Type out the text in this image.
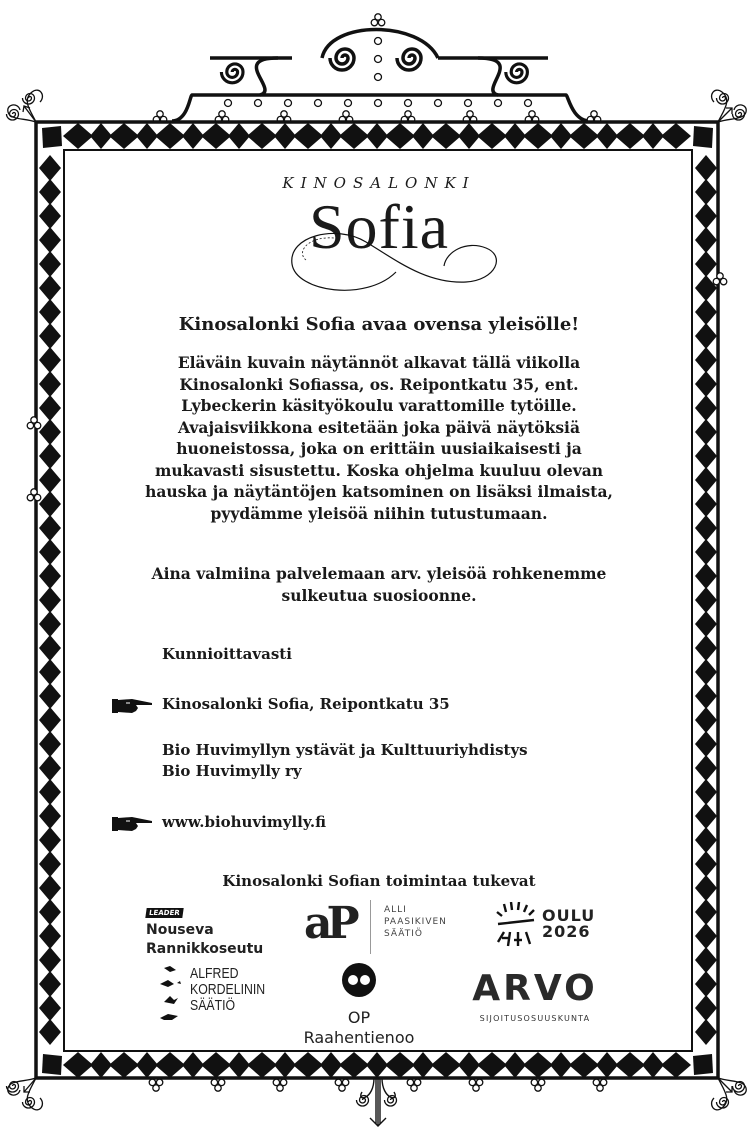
KINOSALONKI
Sofia
Kinosalonki Sofia avaa ovensa yleisölle!
Eläväin kuvain näytännöt alkavat tällä viikolla Kinosalonki Sofiassa, os. Reipontkatu 35, ent. Lybeckerin käsityökoulu varattomille tytöille. Avajaisviikkona esitetään joka päivä näytöksiä huoneistossa, joka on erittäin uusiaikaisesti ja mukavasti sisustettu. Koska ohjelma kuuluu olevan hauska ja näytäntöjen katsominen on lisäksi ilmaista, pyydämme yleisöä niihin tutustumaan.
Aina valmiina palvelemaan arv. yleisöä rohkenemme sulkeutua suosioonne.
Kunnioittavasti
Kinosalonki Sofia, Reipontkatu 35
Bio Huvimyllyn ystävät ja Kulttuuriyhdistys Bio Huvimylly ry
www.biohuvimylly.fi
Kinosalonki Sofian toimintaa tukevat
LEADER
Nouseva
Rannikkoseutu aP	ALLI
PAASIKIVEN
SÄÄTIÖ
OULU
2026
ALFRED
KORDELININ
SÄÄTIÖ
OP Raahentienoo
ARVO
SIJOITUSOSUUSKUNTA
